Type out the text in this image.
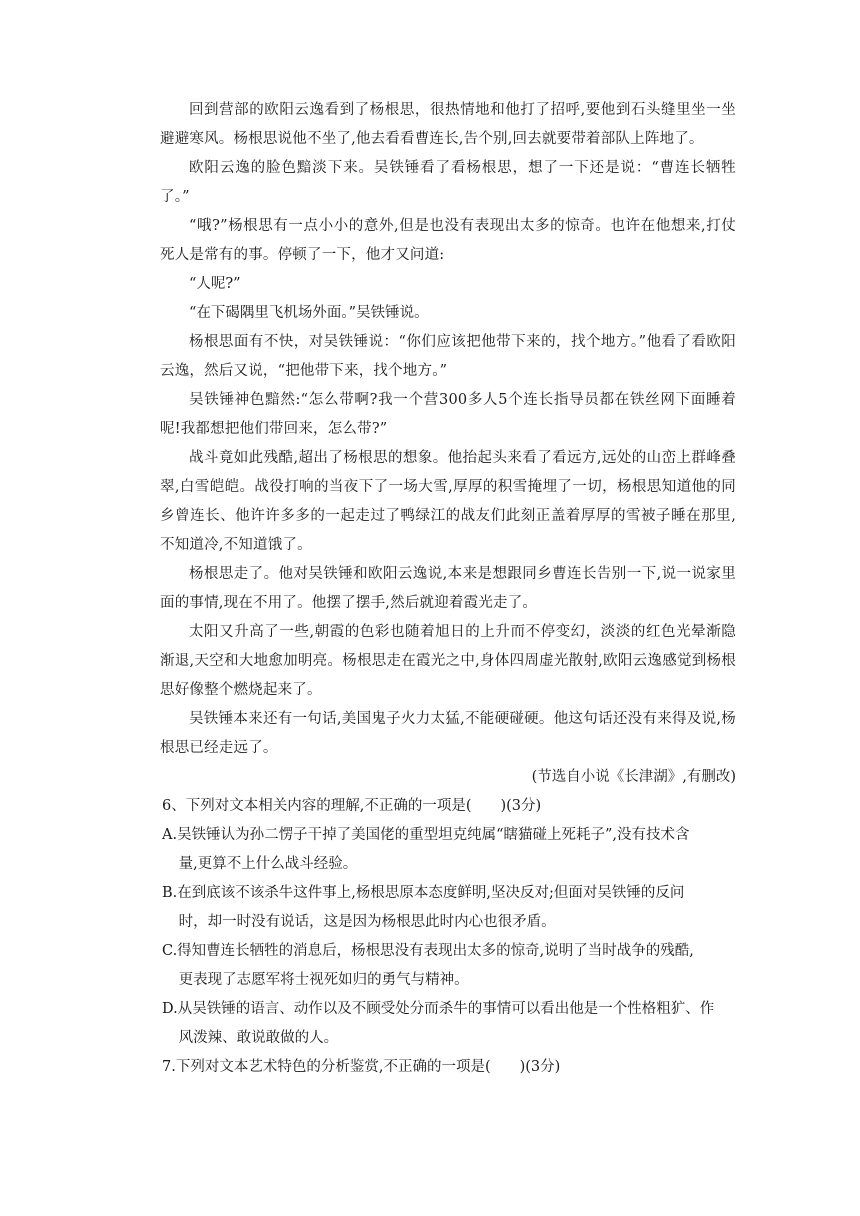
回到营部的欧阳云逸看到了杨根思，很热情地和他打了招呼,要他到石头缝里坐一坐避避寒风。杨根思说他不坐了,他去看看曹连长,告个别,回去就要带着部队上阵地了。

欧阳云逸的脸色黯淡下来。吴铁锤看了看杨根思，想了一下还是说：“曹连长牺牲了。”

“哦?”杨根思有一点小小的意外,但是也没有表现出太多的惊奇。也许在他想来,打仗死人是常有的事。停顿了一下，他才又问道:

“人呢?”

“在下碣隅里飞机场外面。”吴铁锤说。

杨根思面有不快，对吴铁锤说：“你们应该把他带下来的，找个地方。”他看了看欧阳云逸，然后又说，“把他带下来，找个地方。”

吴铁锤神色黯然:“怎么带啊?我一个营300多人5个连长指导员都在铁丝网下面睡着呢!我都想把他们带回来，怎么带?”

战斗竟如此残酷,超出了杨根思的想象。他抬起头来看了看远方,远处的山峦上群峰叠翠,白雪皑皑。战役打响的当夜下了一场大雪,厚厚的积雪掩埋了一切，杨根思知道他的同乡曾连长、他许许多多的一起走过了鸭绿江的战友们此刻正盖着厚厚的雪被子睡在那里,不知道冷,不知道饿了。

杨根思走了。他对吴铁锤和欧阳云逸说,本来是想跟同乡曹连长告别一下,说一说家里面的事情,现在不用了。他摆了摆手,然后就迎着霞光走了。

太阳又升高了一些,朝霞的色彩也随着旭日的上升而不停变幻，淡淡的红色光晕渐隐渐退,天空和大地愈加明亮。杨根思走在霞光之中,身体四周虚光散射,欧阳云逸感觉到杨根思好像整个燃烧起来了。

吴铁锤本来还有一句话,美国鬼子火力太猛,不能硬碰硬。他这句话还没有来得及说,杨根思已经走远了。

(节选自小说《长津湖》,有删改)

6、下列对文本相关内容的理解,不正确的一项是(　　)(3分)

A.吴铁锤认为孙二愣子干掉了美国佬的重型坦克纯属“瞎猫碰上死耗子”,没有技术含
量,更算不上什么战斗经验。

B.在到底该不该杀牛这件事上,杨根思原本态度鲜明,坚决反对;但面对吴铁锤的反问
时，却一时没有说话，这是因为杨根思此时内心也很矛盾。

C.得知曹连长牺牲的消息后，杨根思没有表现出太多的惊奇,说明了当时战争的残酷,
更表现了志愿军将士视死如归的勇气与精神。

D.从吴铁锤的语言、动作以及不顾受处分而杀牛的事情可以看出他是一个性格粗犷、作
风泼辣、敢说敢做的人。

7.下列对文本艺术特色的分析鉴赏,不正确的一项是(　　)(3分)
